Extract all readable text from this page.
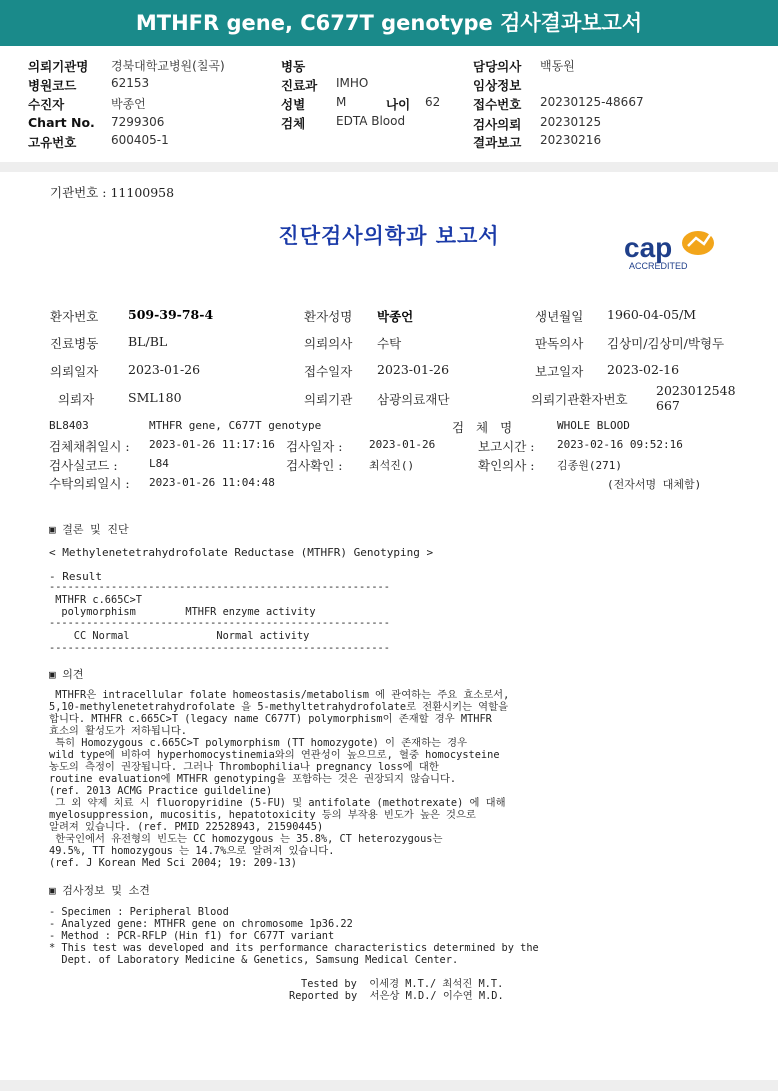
MTHFR gene, C677T genotype 검사결과보고서
의뢰기관명 경북대학교병원(칠곡)
병원코드	62153
수진자	박종언
Chart No. 7299306
고유번호	600405-1
병동
진료과 IMHO
성별	M	나이 62
검체	EDTA Blood
담당의사 백동원
임상정보
접수번호 20230125-48667
검사의뢰 20230125
결과보고 20230216
기관번호 : 11100958
진단검사의학과 보고서	cap
ACCREDITED
환자번호 509-39-78-4	환자성명 박종언	생년월일 1960-04-05/M
진료병동 BL/BL	의뢰의사 수탁	판독의사 김상미/김상미/박형두
의뢰일자 2023-01-26	접수일자 2023-01-26	보고일자 2023-02-16
의뢰자	SML180	의뢰기관 삼광의료재단	의뢰기관환자번호
2023012548667
BL8403	MTHFR gene, C677T genotype	검 체 명	WHOLE BLOOD
검체채취일시 : 2023-01-26 11:17:16 검사일자 : 2023-01-26	보고시간 : 2023-02-16 09:52:16
검사실코드 :	L84	검사확인 : 최석진()	확인의사 : 김종원(271)
수탁의뢰일시 : 2023-01-26 11:04:48	(전자서명 대체함)
▣ 결론 및 진단
< Methylenetetrahydrofolate Reductase (MTHFR) Genotyping >
- Result
-------------------------------------------------------
MTHFR c.665C>T
polymorphism        MTHFR enzyme activity
-------------------------------------------------------
CC Normal              Normal activity
-------------------------------------------------------
▣ 의견
MTHFR은 intracellular folate homeostasis/metabolism 에 관여하는 주요 효소로서,
5,10-methylenetetrahydrofolate 을 5-methyltetrahydrofolate로 전환시키는 역할을
합니다. MTHFR c.665C>T (legacy name C677T) polymorphism이 존재할 경우 MTHFR
효소의 활성도가 저하됩니다.
특히 Homozygous c.665C>T polymorphism (TT homozygote) 이 존재하는 경우
wild type에 비하여 hyperhomocystinemia와의 연관성이 높으므로, 혈중 homocysteine
농도의 측정이 권장됩니다. 그러나 Thrombophilia나 pregnancy loss에 대한
routine evaluation에 MTHFR genotyping을 포함하는 것은 권장되지 않습니다.
(ref. 2013 ACMG Practice guildeline)
그 외 약제 치료 시 fluoropyridine (5-FU) 및 antifolate (methotrexate) 에 대해
myelosuppression, mucositis, hepatotoxicity 등의 부작용 빈도가 높은 것으로
알려져 있습니다. (ref. PMID 22528943, 21590445)
한국인에서 유전형의 빈도는 CC homozygous 는 35.8%, CT heterozygous는
49.5%, TT homozygous 는 14.7%으로 알려져 있습니다.
(ref. J Korean Med Sci 2004; 19: 209-13)
▣ 검사정보 및 소견
- Specimen : Peripheral Blood
- Analyzed gene: MTHFR gene on chromosome 1p36.22
- Method : PCR-RFLP (Hin f1) for C677T variant
* This test was developed and its performance characteristics determined by the
Dept. of Laboratory Medicine & Genetics, Samsung Medical Center.
Tested by  이세경 M.T./ 최석진 M.T.
Reported by  서은상 M.D./ 이수연 M.D.
